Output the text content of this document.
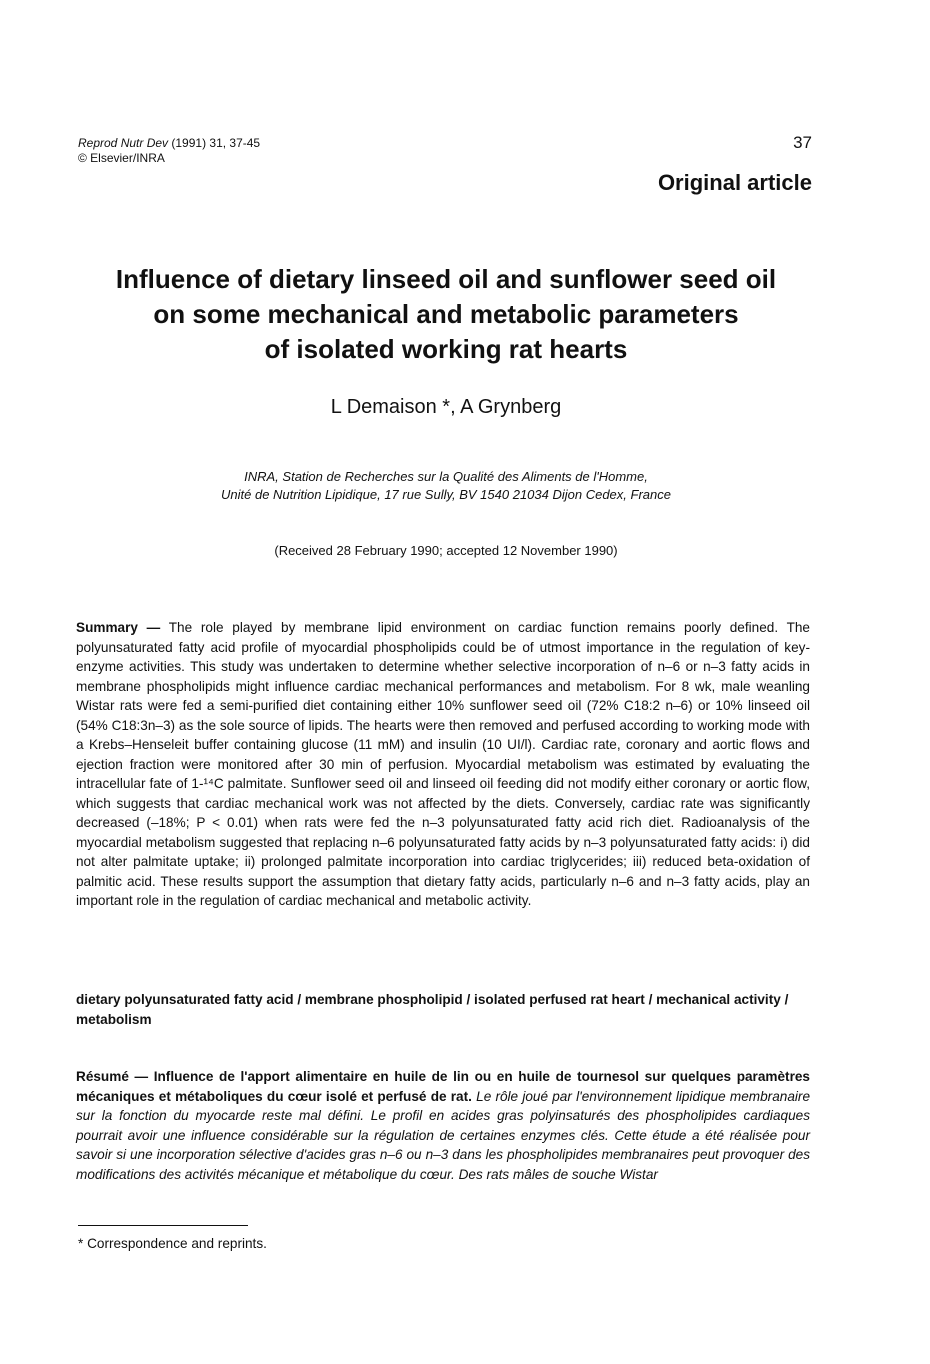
Reprod Nutr Dev (1991) 31, 37-45
© Elsevier/INRA
37
Original article
Influence of dietary linseed oil and sunflower seed oil
on some mechanical and metabolic parameters
of isolated working rat hearts
L Demaison *, A Grynberg
INRA, Station de Recherches sur la Qualité des Aliments de l'Homme,
Unité de Nutrition Lipidique, 17 rue Sully, BV 1540 21034 Dijon Cedex, France
(Received 28 February 1990; accepted 12 November 1990)

Summary — The role played by membrane lipid environment on cardiac function remains poorly defined. The polyunsaturated fatty acid profile of myocardial phospholipids could be of utmost importance in the regulation of key-enzyme activities. This study was undertaken to determine whether selective incorporation of n–6 or n–3 fatty acids in membrane phospholipids might influence cardiac mechanical performances and metabolism. For 8 wk, male weanling Wistar rats were fed a semi-purified diet containing either 10% sunflower seed oil (72% C18:2 n–6) or 10% linseed oil (54% C18:3n–3) as the sole source of lipids. The hearts were then removed and perfused according to working mode with a Krebs–Henseleit buffer containing glucose (11 mM) and insulin (10 UI/l). Cardiac rate, coronary and aortic flows and ejection fraction were monitored after 30 min of perfusion. Myocardial metabolism was estimated by evaluating the intracellular fate of 1-¹⁴C palmitate. Sunflower seed oil and linseed oil feeding did not modify either coronary or aortic flow, which suggests that cardiac mechanical work was not affected by the diets. Conversely, cardiac rate was significantly decreased (–18%; P < 0.01) when rats were fed the n–3 polyunsaturated fatty acid rich diet. Radioanalysis of the myocardial metabolism suggested that replacing n–6 polyunsaturated fatty acids by n–3 polyunsaturated fatty acids: i) did not alter palmitate uptake; ii) prolonged palmitate incorporation into cardiac triglycerides; iii) reduced beta-oxidation of palmitic acid. These results support the assumption that dietary fatty acids, particularly n–6 and n–3 fatty acids, play an important role in the regulation of cardiac mechanical and metabolic activity.

dietary polyunsaturated fatty acid / membrane phospholipid / isolated perfused rat heart / mechanical activity / metabolism

Résumé — Influence de l'apport alimentaire en huile de lin ou en huile de tournesol sur quelques paramètres mécaniques et métaboliques du cœur isolé et perfusé de rat. Le rôle joué par l'environnement lipidique membranaire sur la fonction du myocarde reste mal défini. Le profil en acides gras polyinsaturés des phospholipides cardiaques pourrait avoir une influence considérable sur la régulation de certaines enzymes clés. Cette étude a été réalisée pour savoir si une incorporation sélective d'acides gras n–6 ou n–3 dans les phospholipides membranaires peut provoquer des modifications des activités mécanique et métabolique du cœur. Des rats mâles de souche Wistar

* Correspondence and reprints.
